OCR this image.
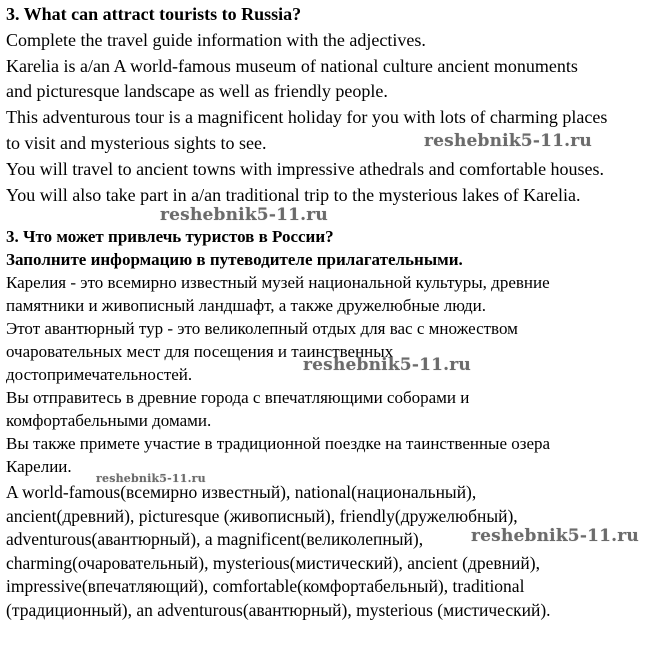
3. What can attract tourists to Russia?
Complete the travel guide information with the adjectives.
Karelia is a/an A world-famous museum of national culture ancient monuments
and picturesque landscape as well as friendly people.
This adventurous tour is a magnificent holiday for you with lots of charming places
to visit and mysterious sights to see.
You will travel to ancient towns with impressive athedrals and comfortable houses.
You will also take part in a/an traditional trip to the mysterious lakes of Karelia.
3. Что может привлечь туристов в России?
Заполните информацию в путеводителе прилагательными.
Карелия - это всемирно известный музей национальной культуры, древние
памятники и живописный ландшафт, а также дружелюбные люди.
Этот авантюрный тур - это великолепный отдых для вас с множеством
очаровательных мест для посещения и таинственных
достопримечательностей.
Вы отправитесь в древние города с впечатляющими соборами и
комфортабельными домами.
Вы также примете участие в традиционной поездке на таинственные озера
Карелии.
A world-famous(всемирно известный), national(национальный),
ancient(древний), picturesque (живописный), friendly(дружелюбный),
adventurous(авантюрный), a magnificent(великолепный),
charming(очаровательный), mysterious(мистический), ancient (древний),
impressive(впечатляющий), comfortable(комфортабельный), traditional
(традиционный), an adventurous(авантюрный), mysterious (мистический).
reshebnik5-11.ru
reshebnik5-11.ru
reshebnik5-11.ru
reshebnik5-11.ru
reshebnik5-11.ru
